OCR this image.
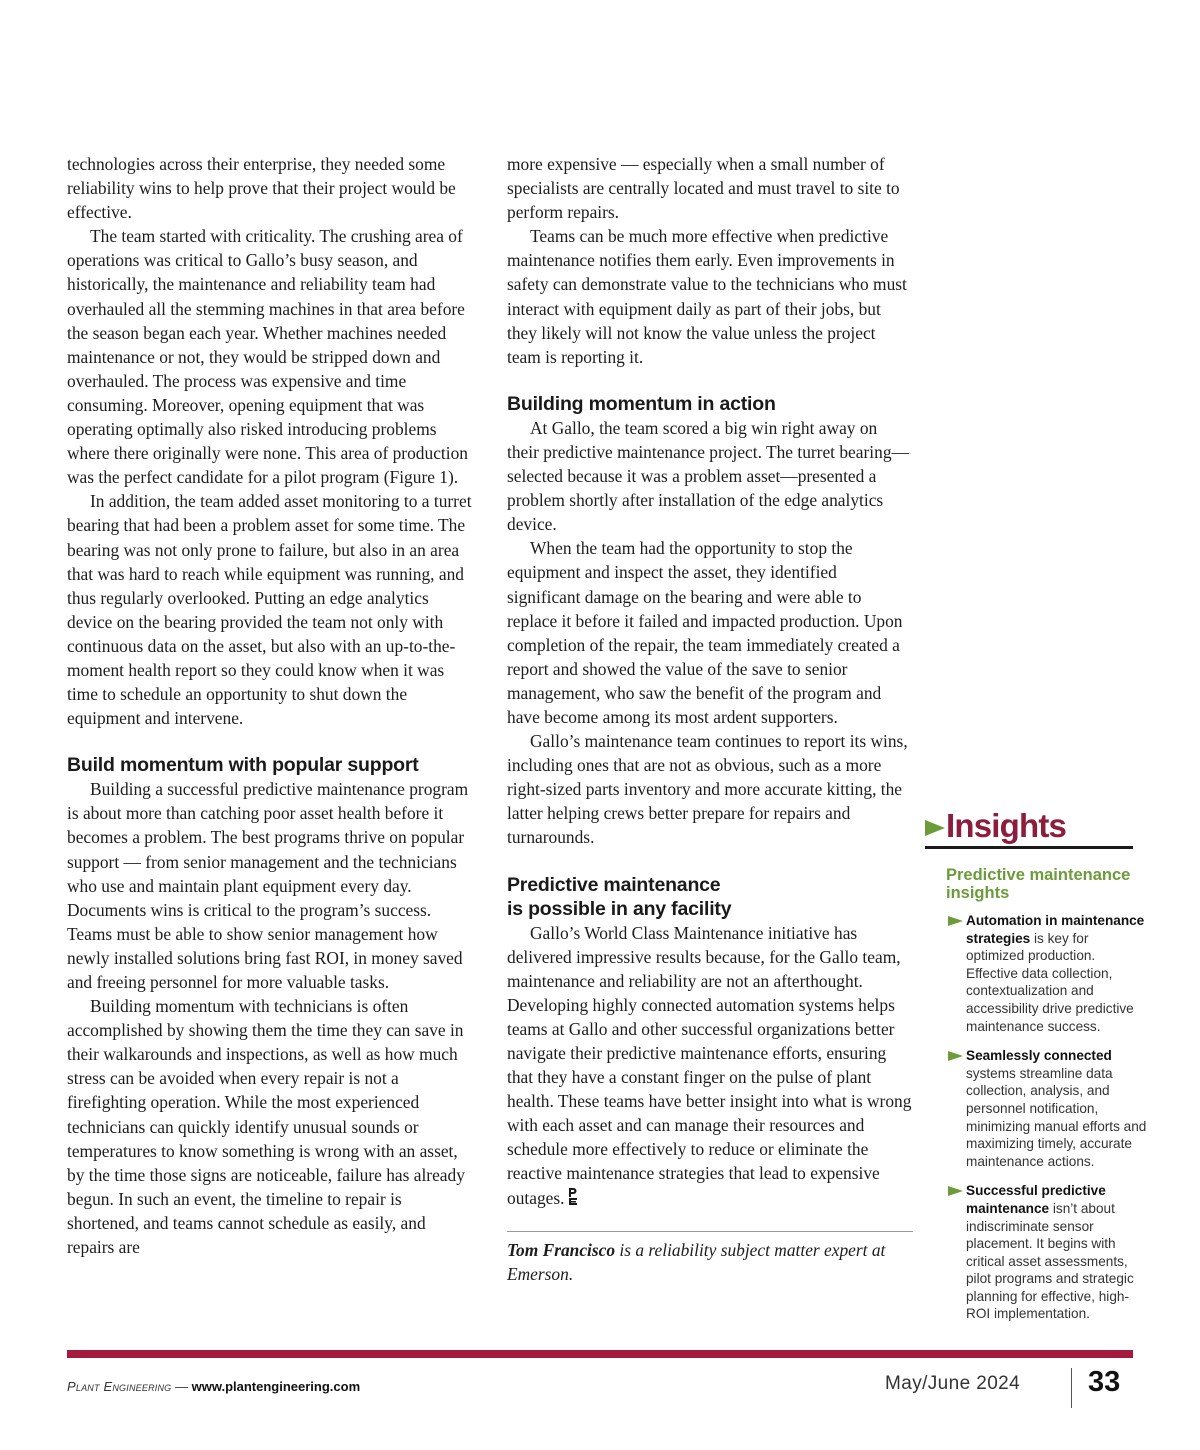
technologies across their enterprise, they needed some reliability wins to help prove that their project would be effective.

The team started with criticality. The crushing area of operations was critical to Gallo’s busy season, and historically, the maintenance and reliability team had overhauled all the stemming machines in that area before the season began each year. Whether machines needed maintenance or not, they would be stripped down and overhauled. The process was expensive and time consuming. Moreover, opening equipment that was operating optimally also risked introducing problems where there originally were none. This area of production was the perfect candidate for a pilot program (Figure 1).

In addition, the team added asset monitoring to a turret bearing that had been a problem asset for some time. The bearing was not only prone to failure, but also in an area that was hard to reach while equipment was running, and thus regularly overlooked. Putting an edge analytics device on the bearing provided the team not only with continuous data on the asset, but also with an up-to-the-moment health report so they could know when it was time to schedule an opportunity to shut down the equipment and intervene.

Build momentum with popular support

Building a successful predictive maintenance program is about more than catching poor asset health before it becomes a problem. The best programs thrive on popular support — from senior management and the technicians who use and maintain plant equipment every day. Documents wins is critical to the program’s success. Teams must be able to show senior management how newly installed solutions bring fast ROI, in money saved and freeing personnel for more valuable tasks.

Building momentum with technicians is often accomplished by showing them the time they can save in their walkarounds and inspections, as well as how much stress can be avoided when every repair is not a firefighting operation. While the most experienced technicians can quickly identify unusual sounds or temperatures to know something is wrong with an asset, by the time those signs are noticeable, failure has already begun. In such an event, the timeline to repair is shortened, and teams cannot schedule as easily, and repairs are

more expensive — especially when a small number of specialists are centrally located and must travel to site to perform repairs.

Teams can be much more effective when predictive maintenance notifies them early. Even improvements in safety can demonstrate value to the technicians who must interact with equipment daily as part of their jobs, but they likely will not know the value unless the project team is reporting it.

Building momentum in action

At Gallo, the team scored a big win right away on their predictive maintenance project. The turret bearing—selected because it was a problem asset—presented a problem shortly after installation of the edge analytics device.

When the team had the opportunity to stop the equipment and inspect the asset, they identified significant damage on the bearing and were able to replace it before it failed and impacted production. Upon completion of the repair, the team immediately created a report and showed the value of the save to senior management, who saw the benefit of the program and have become among its most ardent supporters.

Gallo’s maintenance team continues to report its wins, including ones that are not as obvious, such as a more right-sized parts inventory and more accurate kitting, the latter helping crews better prepare for repairs and turnarounds.

Predictive maintenance
is possible in any facility

Gallo’s World Class Maintenance initiative has delivered impressive results because, for the Gallo team, maintenance and reliability are not an afterthought. Developing highly connected automation systems helps teams at Gallo and other successful organizations better navigate their predictive maintenance efforts, ensuring that they have a constant finger on the pulse of plant health. These teams have better insight into what is wrong with each asset and can manage their resources and schedule more effectively to reduce or eliminate the reactive maintenance strategies that lead to expensive outages.

Tom Francisco is a reliability subject matter expert at Emerson.

Insights
Predictive maintenance insights
Automation in maintenance strategies is key for optimized production. Effective data collection, contextualization and accessibility drive predictive maintenance success.
Seamlessly connected systems streamline data collection, analysis, and personnel notification, minimizing manual efforts and maximizing timely, accurate maintenance actions.
Successful predictive maintenance isn’t about indiscriminate sensor placement. It begins with critical asset assessments, pilot programs and strategic planning for effective, high-ROI implementation.
Plant Engineering — www.plantengineering.com	May/June 2024 33
